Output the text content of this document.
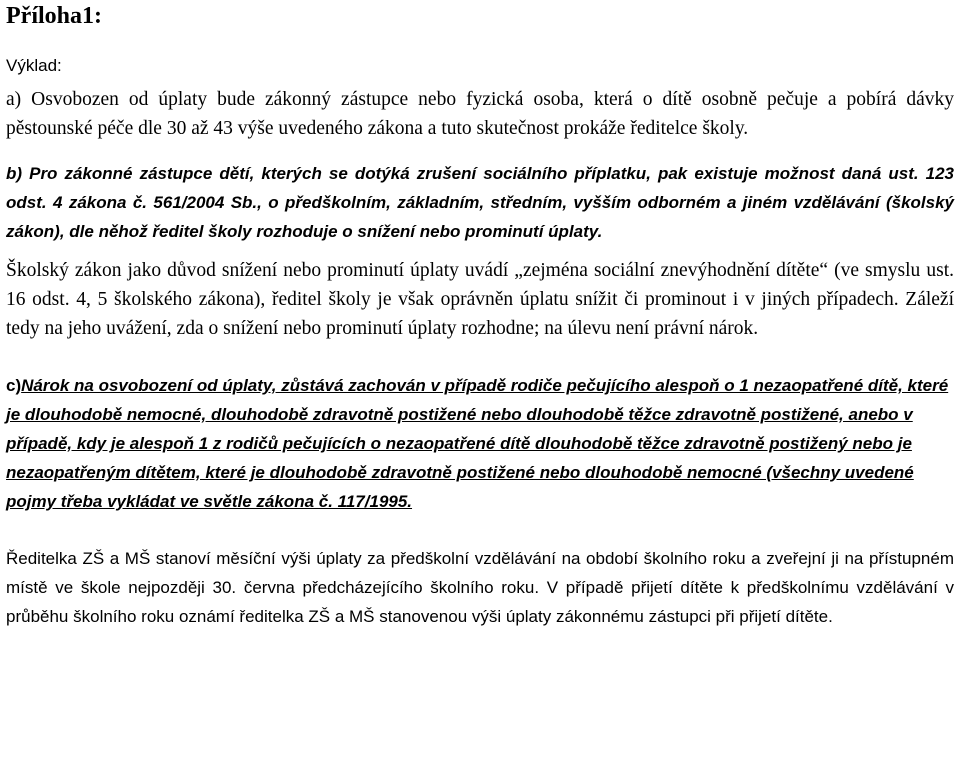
Příloha1:
Výklad:

a) Osvobozen od úplaty bude zákonný zástupce nebo fyzická osoba, která o dítě osobně pečuje a pobírá dávky pěstounské péče dle 30 až 43 výše uvedeného zákona a tuto skutečnost prokáže ředitelce školy.

b) Pro zákonné zástupce dětí, kterých se dotýká zrušení sociálního příplatku, pak existuje možnost daná ust. 123 odst. 4 zákona č. 561/2004 Sb., o předškolním, základním, středním, vyšším odborném a jiném vzdělávání (školský zákon), dle něhož ředitel školy rozhoduje o snížení nebo prominutí úplaty.

Školský zákon jako důvod snížení nebo prominutí úplaty uvádí „zejména sociální znevýhodnění dítěte“ (ve smyslu ust. 16 odst. 4, 5 školského zákona), ředitel školy je však oprávněn úplatu snížit či prominout i v jiných případech. Záleží tedy na jeho uvážení, zda o snížení nebo prominutí úplaty rozhodne; na úlevu není právní nárok.

c)Nárok na osvobození od úplaty, zůstává zachován v případě rodiče pečujícího alespoň o 1 nezaopatřené dítě, které je dlouhodobě nemocné, dlouhodobě zdravotně postižené nebo dlouhodobě těžce zdravotně postižené, anebo v případě, kdy je alespoň 1 z rodičů pečujících o nezaopatřené dítě dlouhodobě těžce zdravotně postižený nebo je nezaopatřeným dítětem, které je dlouhodobě zdravotně postižené nebo dlouhodobě nemocné (všechny uvedené pojmy třeba vykládat ve světle zákona č. 117/1995.

Ředitelka ZŠ a MŠ stanoví měsíční výši úplaty za předškolní vzdělávání na období školního roku a zveřejní ji na přístupném místě ve škole nejpozději 30. června předcházejícího školního roku. V případě přijetí dítěte k předškolnímu vzdělávání v průběhu školního roku oznámí ředitelka ZŠ a MŠ stanovenou výši úplaty zákonnému zástupci při přijetí dítěte.
